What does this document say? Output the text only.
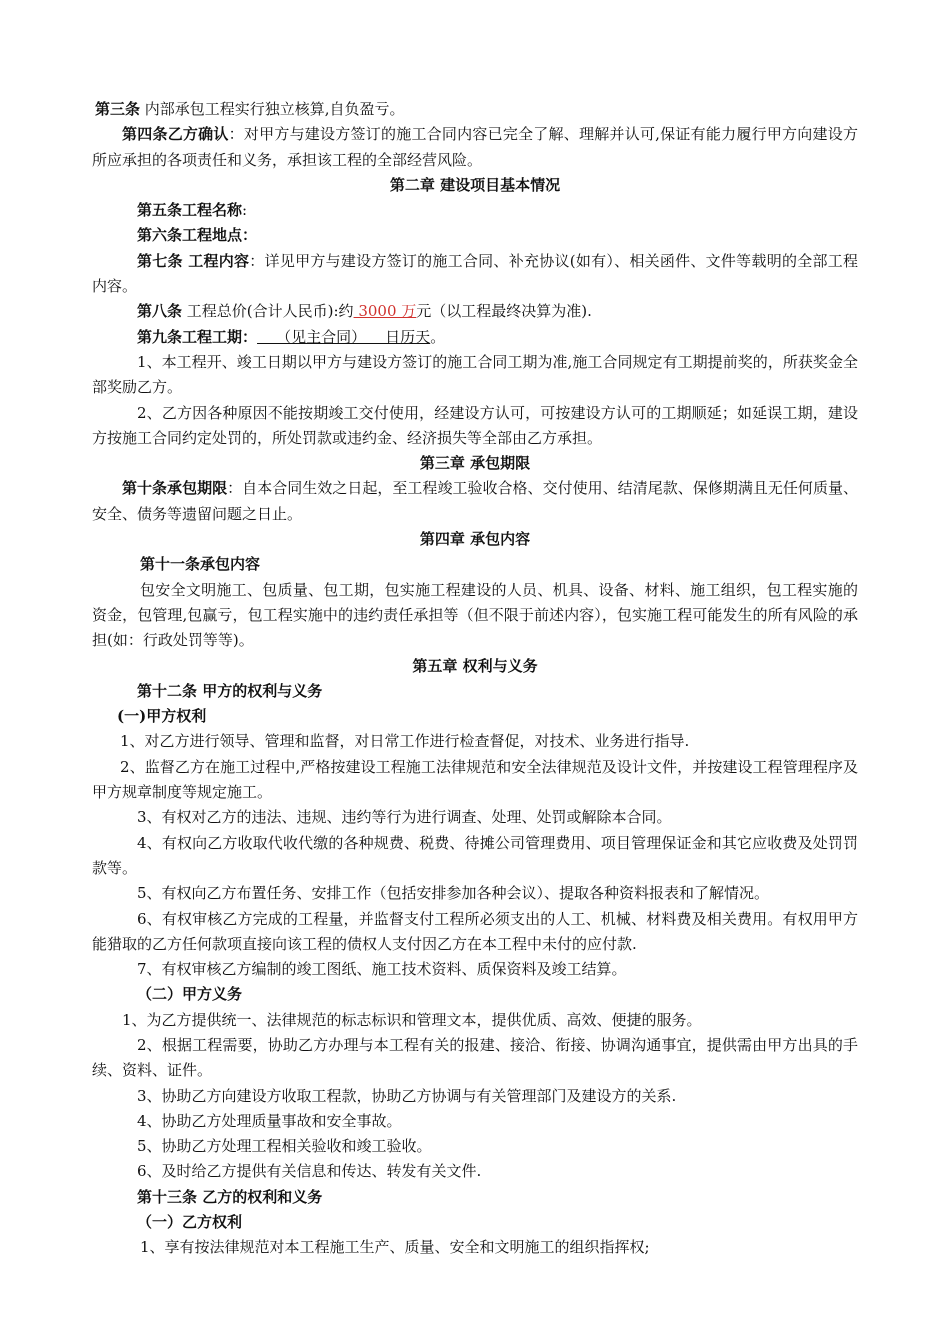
第三条 内部承包工程实行独立核算,自负盈亏。

第四条乙方确认：对甲方与建设方签订的施工合同内容已完全了解、理解并认可,保证有能力履行甲方向建设方所应承担的各项责任和义务，承担该工程的全部经营风险。

第二章 建设项目基本情况

第五条工程名称:

第六条工程地点：

第七条 工程内容：详见甲方与建设方签订的施工合同、补充协议(如有）、相关函件、文件等载明的全部工程内容。

第八条 工程总价(合计人民币):约 3000 万元（以工程最终决算为准).

第九条工程工期：    （见主合同）    日历天。

1、本工程开、竣工日期以甲方与建设方签订的施工合同工期为准,施工合同规定有工期提前奖的，所获奖金全部奖励乙方。

2、乙方因各种原因不能按期竣工交付使用，经建设方认可，可按建设方认可的工期顺延；如延误工期，建设方按施工合同约定处罚的，所处罚款或违约金、经济损失等全部由乙方承担。

第三章 承包期限

第十条承包期限：自本合同生效之日起，至工程竣工验收合格、交付使用、结清尾款、保修期满且无任何质量、安全、债务等遗留问题之日止。

第四章 承包内容

第十一条承包内容

包安全文明施工、包质量、包工期，包实施工程建设的人员、机具、设备、材料、施工组织，包工程实施的资金，包管理,包赢亏，包工程实施中的违约责任承担等（但不限于前述内容），包实施工程可能发生的所有风险的承担(如：行政处罚等等)。

第五章 权利与义务

第十二条 甲方的权利与义务

(一)甲方权利

1、对乙方进行领导、管理和监督，对日常工作进行检查督促，对技术、业务进行指导.

2、监督乙方在施工过程中,严格按建设工程施工法律规范和安全法律规范及设计文件，并按建设工程管理程序及甲方规章制度等规定施工。

3、有权对乙方的违法、违规、违约等行为进行调查、处理、处罚或解除本合同。

4、有权向乙方收取代收代缴的各种规费、税费、待摊公司管理费用、项目管理保证金和其它应收费及处罚罚款等。

5、有权向乙方布置任务、安排工作（包括安排参加各种会议）、提取各种资料报表和了解情况。

6、有权审核乙方完成的工程量，并监督支付工程所必须支出的人工、机械、材料费及相关费用。有权用甲方能猎取的乙方任何款项直接向该工程的债权人支付因乙方在本工程中未付的应付款.

7、有权审核乙方编制的竣工图纸、施工技术资料、质保资料及竣工结算。

（二）甲方义务

1、为乙方提供统一、法律规范的标志标识和管理文本，提供优质、高效、便捷的服务。

2、根据工程需要，协助乙方办理与本工程有关的报建、接洽、衔接、协调沟通事宜，提供需由甲方出具的手续、资料、证件。

3、协助乙方向建设方收取工程款，协助乙方协调与有关管理部门及建设方的关系.

4、协助乙方处理质量事故和安全事故。

5、协助乙方处理工程相关验收和竣工验收。

6、及时给乙方提供有关信息和传达、转发有关文件.

第十三条 乙方的权利和义务

（一）乙方权利

1、享有按法律规范对本工程施工生产、质量、安全和文明施工的组织指挥权;
